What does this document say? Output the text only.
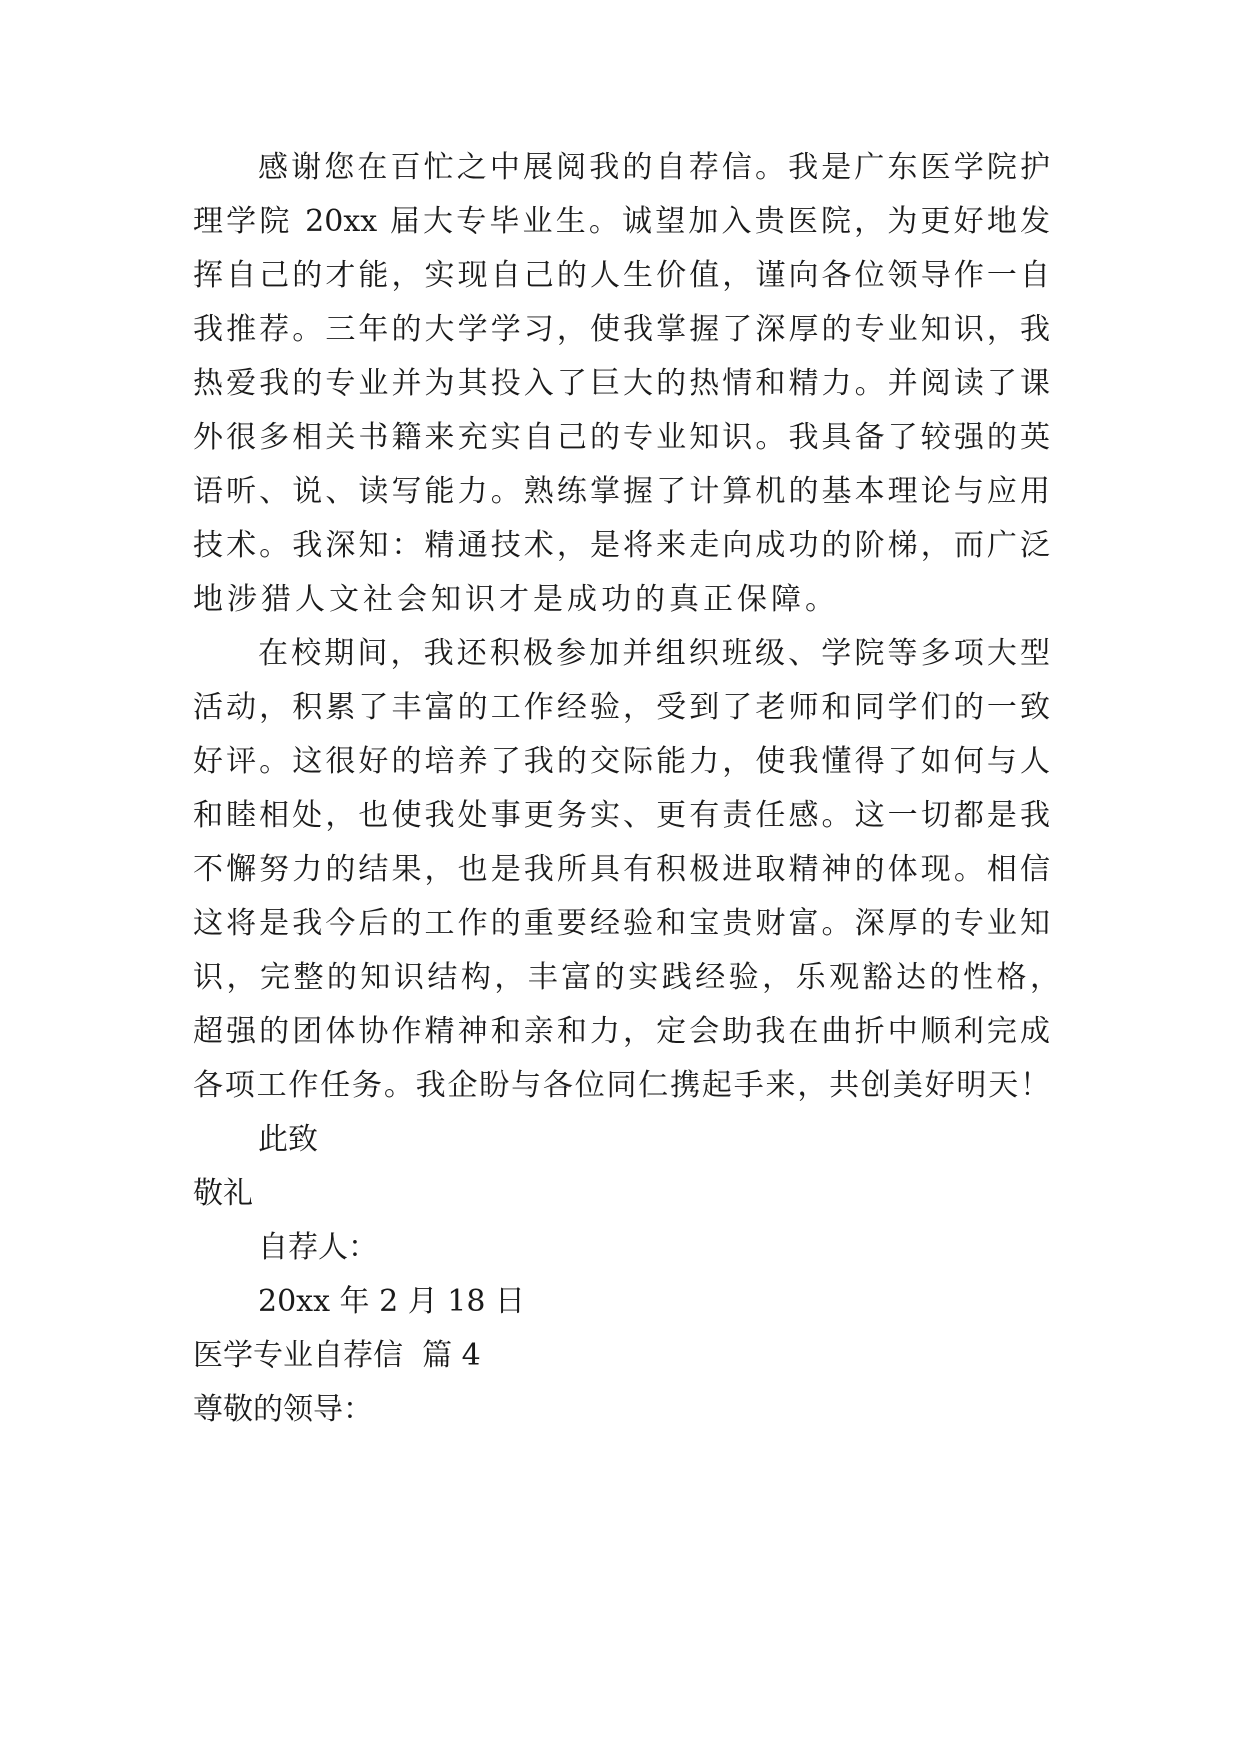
感谢您在百忙之中展阅我的自荐信。我是广东医学院护
理学院 20xx 届大专毕业生。诚望加入贵医院，为更好地发
挥自己的才能，实现自己的人生价值，谨向各位领导作一自
我推荐。三年的大学学习，使我掌握了深厚的专业知识，我
热爱我的专业并为其投入了巨大的热情和精力。并阅读了课
外很多相关书籍来充实自己的专业知识。我具备了较强的英
语听、说、读写能力。熟练掌握了计算机的基本理论与应用
技术。我深知：精通技术，是将来走向成功的阶梯，而广泛
地涉猎人文社会知识才是成功的真正保障。
在校期间，我还积极参加并组织班级、学院等多项大型
活动，积累了丰富的工作经验，受到了老师和同学们的一致
好评。这很好的培养了我的交际能力，使我懂得了如何与人
和睦相处，也使我处事更务实、更有责任感。这一切都是我
不懈努力的结果，也是我所具有积极进取精神的体现。相信
这将是我今后的工作的重要经验和宝贵财富。深厚的专业知
识，完整的知识结构，丰富的实践经验，乐观豁达的性格，
超强的团体协作精神和亲和力，定会助我在曲折中顺利完成
各项工作任务。我企盼与各位同仁携起手来，共创美好明天！
此致
敬礼
自荐人：
20xx 年 2 月 18 日
医学专业自荐信  篇 4
尊敬的领导：
